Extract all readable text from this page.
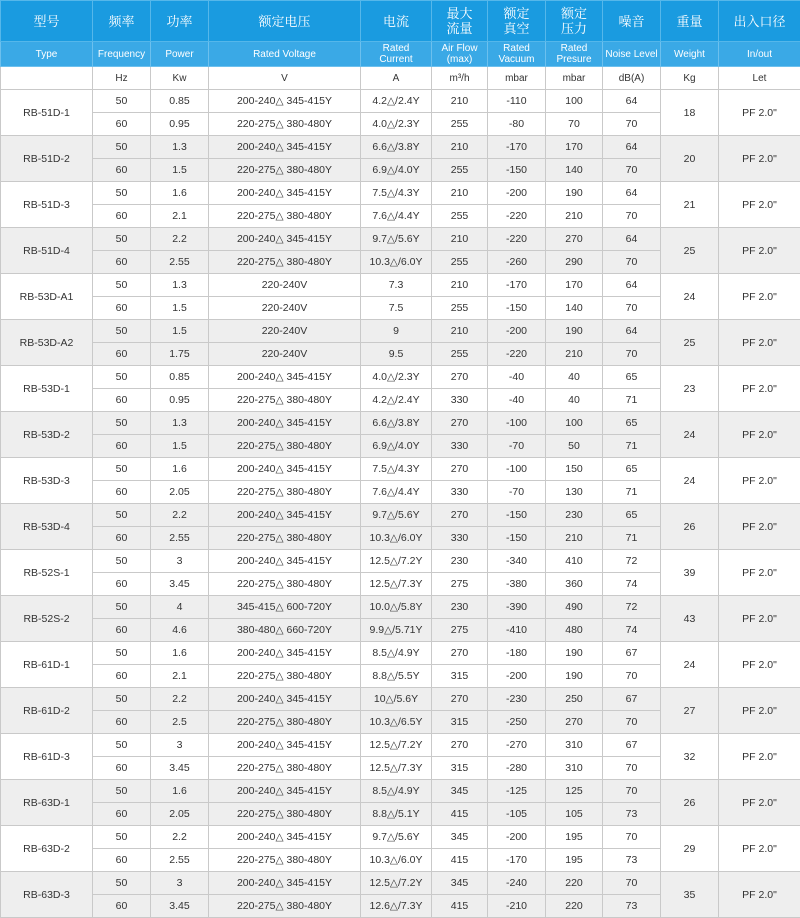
型号	频率	功率	额定电压	电流	最大流量	额定真空	额定压力	噪音	重量	出入口径
Type	Frequency	Power	Rated Voltage	Rated Current	Air Flow (max)	Rated Vacuum	Rated Presure	Noise Level	Weight	In/out
	Hz	Kw	V	A	m³/h	mbar	mbar	dB(A)	Kg	Let
RB-51D-1	50	0.85	200-240△ 345-415Y	4.2△/2.4Y	210	-110	100	64	18	PF 2.0"
	60	0.95	220-275△ 380-480Y	4.0△/2.3Y	255	-80	70	70		
RB-51D-2	50	1.3	200-240△ 345-415Y	6.6△/3.8Y	210	-170	170	64	20	PF 2.0"
	60	1.5	220-275△ 380-480Y	6.9△/4.0Y	255	-150	140	70		
RB-51D-3	50	1.6	200-240△ 345-415Y	7.5△/4.3Y	210	-200	190	64	21	PF 2.0"
	60	2.1	220-275△ 380-480Y	7.6△/4.4Y	255	-220	210	70		
RB-51D-4	50	2.2	200-240△ 345-415Y	9.7△/5.6Y	210	-220	270	64	25	PF 2.0"
	60	2.55	220-275△ 380-480Y	10.3△/6.0Y	255	-260	290	70		
RB-53D-A1	50	1.3	220-240V	7.3	210	-170	170	64	24	PF 2.0"
	60	1.5	220-240V	7.5	255	-150	140	70		
RB-53D-A2	50	1.5	220-240V	9	210	-200	190	64	25	PF 2.0"
	60	1.75	220-240V	9.5	255	-220	210	70		
RB-53D-1	50	0.85	200-240△ 345-415Y	4.0△/2.3Y	270	-40	40	65	23	PF 2.0"
	60	0.95	220-275△ 380-480Y	4.2△/2.4Y	330	-40	40	71		
RB-53D-2	50	1.3	200-240△ 345-415Y	6.6△/3.8Y	270	-100	100	65	24	PF 2.0"
	60	1.5	220-275△ 380-480Y	6.9△/4.0Y	330	-70	50	71		
RB-53D-3	50	1.6	200-240△ 345-415Y	7.5△/4.3Y	270	-100	150	65	24	PF 2.0"
	60	2.05	220-275△ 380-480Y	7.6△/4.4Y	330	-70	130	71		
RB-53D-4	50	2.2	200-240△ 345-415Y	9.7△/5.6Y	270	-150	230	65	26	PF 2.0"
	60	2.55	220-275△ 380-480Y	10.3△/6.0Y	330	-150	210	71		
RB-52S-1	50	3	200-240△ 345-415Y	12.5△/7.2Y	230	-340	410	72	39	PF 2.0"
	60	3.45	220-275△ 380-480Y	12.5△/7.3Y	275	-380	360	74		
RB-52S-2	50	4	345-415△ 600-720Y	10.0△/5.8Y	230	-390	490	72	43	PF 2.0"
	60	4.6	380-480△ 660-720Y	9.9△/5.71Y	275	-410	480	74		
RB-61D-1	50	1.6	200-240△ 345-415Y	8.5△/4.9Y	270	-180	190	67	24	PF 2.0"
	60	2.1	220-275△ 380-480Y	8.8△/5.5Y	315	-200	190	70		
RB-61D-2	50	2.2	200-240△ 345-415Y	10△/5.6Y	270	-230	250	67	27	PF 2.0"
	60	2.5	220-275△ 380-480Y	10.3△/6.5Y	315	-250	270	70		
RB-61D-3	50	3	200-240△ 345-415Y	12.5△/7.2Y	270	-270	310	67	32	PF 2.0"
	60	3.45	220-275△ 380-480Y	12.5△/7.3Y	315	-280	310	70		
RB-63D-1	50	1.6	200-240△ 345-415Y	8.5△/4.9Y	345	-125	125	70	26	PF 2.0"
	60	2.05	220-275△ 380-480Y	8.8△/5.1Y	415	-105	105	73		
RB-63D-2	50	2.2	200-240△ 345-415Y	9.7△/5.6Y	345	-200	195	70	29	PF 2.0"
	60	2.55	220-275△ 380-480Y	10.3△/6.0Y	415	-170	195	73		
RB-63D-3	50	3	200-240△ 345-415Y	12.5△/7.2Y	345	-240	220	70	35	PF 2.0"
	60	3.45	220-275△ 380-480Y	12.6△/7.3Y	415	-210	220	73		
